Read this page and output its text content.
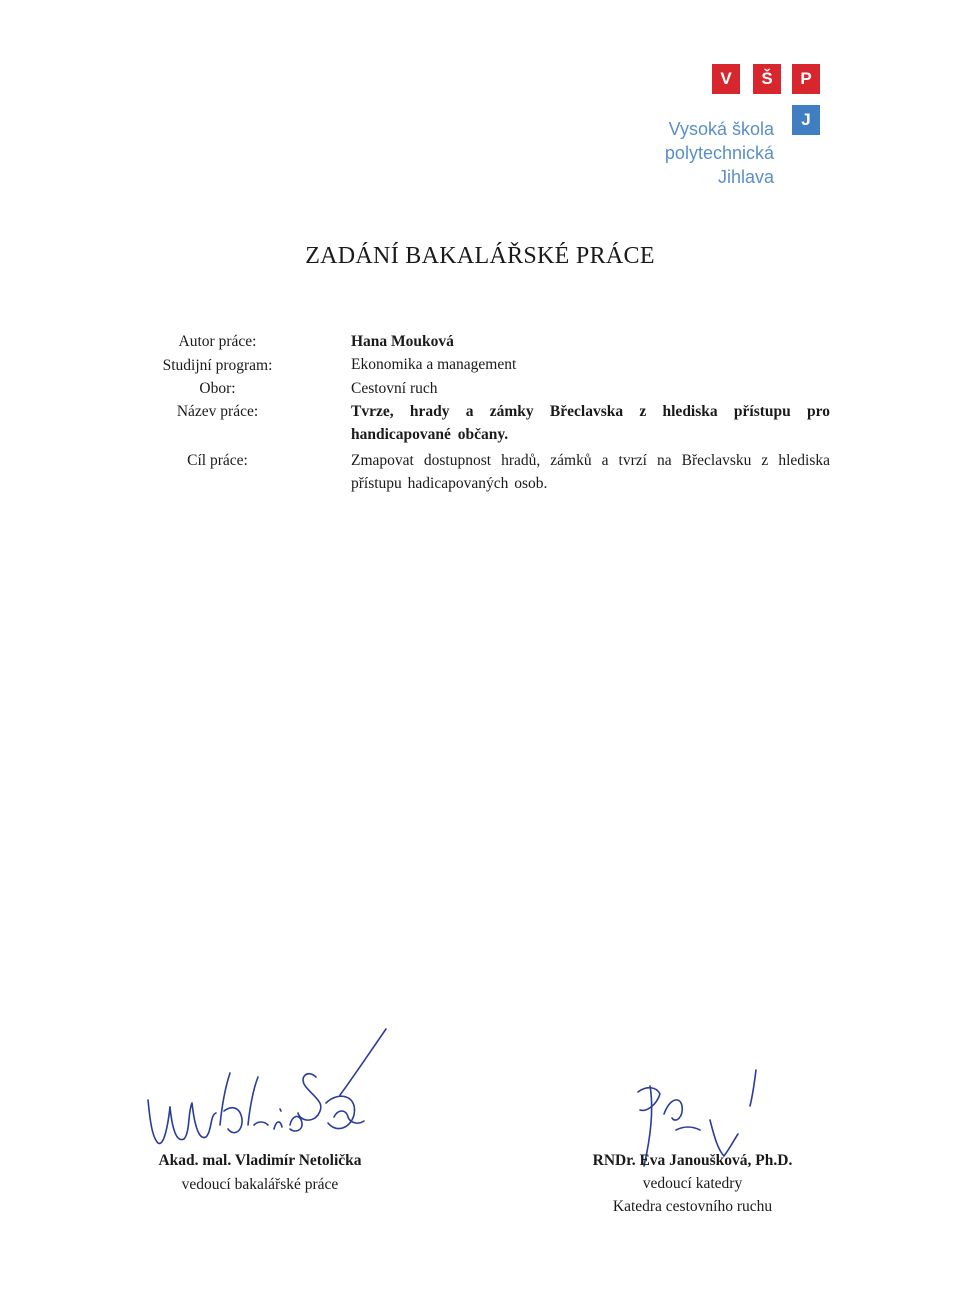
V	Š	P
J
Vysoká škola
polytechnická
Jihlava
ZADÁNÍ BAKALÁŘSKÉ PRÁCE
Autor práce:
Studijní program:
Obor:
Název práce:
Cíl práce:
Hana Mouková
Ekonomika a management
Cestovní ruch
Tvrze, hrady a zámky Břeclavska z hlediska přístupu pro handicapované občany.
Zmapovat dostupnost hradů, zámků a tvrzí na Břeclavsku z hlediska přístupu hadicapovaných osob.
Akad. mal. Vladimír Netolička
vedoucí bakalářské práce
RNDr. Eva Janoušková, Ph.D.
vedoucí katedry
Katedra cestovního ruchu
